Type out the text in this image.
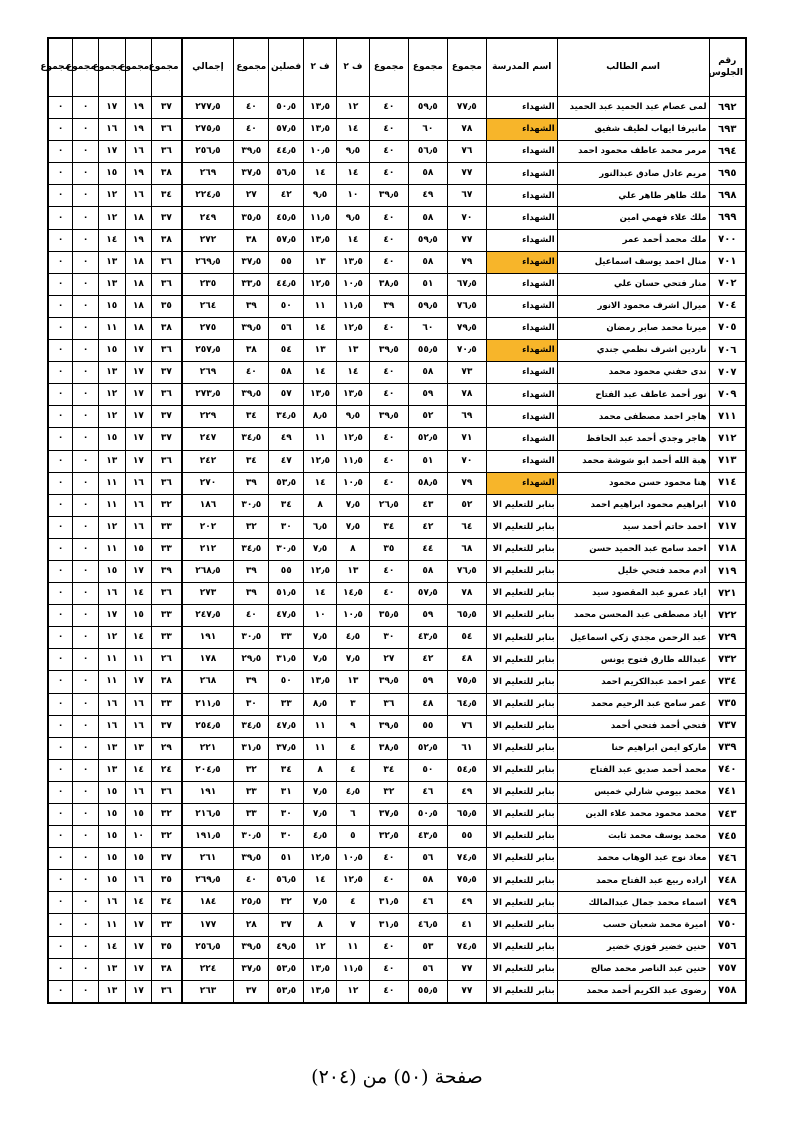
رقم الجلوس	اسم الطالب	اسم المدرسة	مجموع	مجموع	مجموع	ف ٢	ف ٢	فصلين	مجموع	إجمالي	مجموع	مجموع	مجموع	مجموع	مجموع
٦٩٢	لمى عصام عبد الحميد عبد الحميد	الشهداء	٧٧٫٥	٥٩٫٥	٤٠	١٢	١٣٫٥	٥٠٫٥	٤٠	٢٧٧٫٥	٣٧	١٩	١٧	٠	٠
٦٩٣	مانيرفا ايهاب لطيف شفيق	الشهداء	٧٨	٦٠	٤٠	١٤	١٣٫٥	٥٧٫٥	٤٠	٢٧٥٫٥	٣٦	١٩	١٦	٠	٠
٦٩٤	مرمر محمد عاطف محمود احمد	الشهداء	٧٦	٥٦٫٥	٤٠	٩٫٥	١٠٫٥	٤٤٫٥	٣٩٫٥	٢٥٦٫٥	٣٦	١٦	١٧	٠	٠
٦٩٥	مريم عادل صادق عبدالنور	الشهداء	٧٧	٥٨	٤٠	١٤	١٤	٥٦٫٥	٣٧٫٥	٢٦٩	٣٨	١٩	١٥	٠	٠
٦٩٨	ملك طاهر طاهر علي	الشهداء	٦٧	٤٩	٣٩٫٥	١٠	٩٫٥	٤٢	٢٧	٢٢٤٫٥	٣٤	١٦	١٢	٠	٠
٦٩٩	ملك علاء فهمي امين	الشهداء	٧٠	٥٨	٤٠	٩٫٥	١١٫٥	٤٥٫٥	٣٥٫٥	٢٤٩	٣٧	١٨	١٢	٠	٠
٧٠٠	ملك محمد أحمد عمر	الشهداء	٧٧	٥٩٫٥	٤٠	١٤	١٣٫٥	٥٧٫٥	٣٨	٢٧٢	٣٨	١٩	١٤	٠	٠
٧٠١	منال احمد يوسف اسماعيل	الشهداء	٧٩	٥٨	٤٠	١٣٫٥	١٣	٥٥	٣٧٫٥	٢٦٩٫٥	٣٦	١٨	١٣	٠	٠
٧٠٢	منار فتحي حسان علي	الشهداء	٦٧٫٥	٥١	٣٨٫٥	١٠٫٥	١٢٫٥	٤٤٫٥	٣٣٫٥	٢٣٥	٣٦	١٨	١٣	٠	٠
٧٠٤	ميرال اشرف محمود الانور	الشهداء	٧٦٫٥	٥٩٫٥	٣٩	١١٫٥	١١	٥٠	٣٩	٢٦٤	٣٥	١٨	١٥	٠	٠
٧٠٥	ميرنا محمد صابر رمضان	الشهداء	٧٩٫٥	٦٠	٤٠	١٢٫٥	١٤	٥٦	٣٩٫٥	٢٧٥	٣٨	١٨	١١	٠	٠
٧٠٦	ناردين اشرف نظمي جندي	الشهداء	٧٠٫٥	٥٥٫٥	٣٩٫٥	١٣	١٣	٥٤	٣٨	٢٥٧٫٥	٣٦	١٧	١٥	٠	٠
٧٠٧	ندى حفني محمود محمد	الشهداء	٧٣	٥٨	٤٠	١٤	١٤	٥٨	٤٠	٢٦٩	٣٧	١٧	١٣	٠	٠
٧٠٩	نور أحمد عاطف عبد الفتاح	الشهداء	٧٨	٥٩	٤٠	١٣٫٥	١٣٫٥	٥٧	٣٩٫٥	٢٧٣٫٥	٣٦	١٧	١٢	٠	٠
٧١١	هاجر احمد مصطفى محمد	الشهداء	٦٩	٥٢	٣٩٫٥	٩٫٥	٨٫٥	٣٤٫٥	٣٤	٢٢٩	٣٧	١٧	١٢	٠	٠
٧١٢	هاجر وجدي أحمد عبد الحافظ	الشهداء	٧١	٥٢٫٥	٤٠	١٢٫٥	١١	٤٩	٣٤٫٥	٢٤٧	٣٧	١٧	١٥	٠	٠
٧١٣	هبة الله أحمد ابو شوشة محمد	الشهداء	٧٠	٥١	٤٠	١١٫٥	١٢٫٥	٤٧	٣٤	٢٤٢	٣٦	١٧	١٣	٠	٠
٧١٤	هنا محمود حسن محمود	الشهداء	٧٩	٥٨٫٥	٤٠	١٠٫٥	١٤	٥٣٫٥	٣٩	٢٧٠	٣٦	١٦	١١	٠	٠
٧١٥	ابراهيم محمود ابراهيم احمد	بنابر للتعليم الا	٥٢	٤٣	٢٦٫٥	٧٫٥	٨	٣٤	٣٠٫٥	١٨٦	٣٢	١٦	١١	٠	٠
٧١٧	احمد حاتم أحمد سيد	بنابر للتعليم الا	٦٤	٤٢	٣٤	٧٫٥	٦٫٥	٣٠	٣٢	٢٠٢	٣٣	١٦	١٢	٠	٠
٧١٨	احمد سامح عبد الحميد حسن	بنابر للتعليم الا	٦٨	٤٤	٣٥	٨	٧٫٥	٣٠٫٥	٣٤٫٥	٢١٢	٣٣	١٥	١١	٠	٠
٧١٩	ادم محمد فتحي خليل	بنابر للتعليم الا	٧٦٫٥	٥٨	٤٠	١٣	١٢٫٥	٥٥	٣٩	٢٦٨٫٥	٣٩	١٧	١٥	٠	٠
٧٢١	اياد عمرو عبد المقصود سيد	بنابر للتعليم الا	٧٨	٥٧٫٥	٤٠	١٤٫٥	١٤	٥١٫٥	٣٩	٢٧٣	٣٦	١٤	١٦	٠	٠
٧٢٢	اياد مصطفى عبد المحسن محمد	بنابر للتعليم الا	٦٥٫٥	٥٩	٣٥٫٥	١٠٫٥	١٠	٤٧٫٥	٤٠	٢٤٧٫٥	٣٣	١٥	١٧	٠	٠
٧٢٩	عبد الرحمن مجدي زكي اسماعيل	بنابر للتعليم الا	٥٤	٤٣٫٥	٣٠	٤٫٥	٧٫٥	٣٣	٣٠٫٥	١٩١	٣٣	١٤	١٢	٠	٠
٧٣٢	عبدالله طارق فتوح يونس	بنابر للتعليم الا	٤٨	٤٢	٢٧	٧٫٥	٧٫٥	٣١٫٥	٢٩٫٥	١٧٨	٢٦	١١	١١	٠	٠
٧٣٤	عمر احمد عبدالكريم احمد	بنابر للتعليم الا	٧٥٫٥	٥٩	٣٩٫٥	١٣	١٣٫٥	٥٠	٣٩	٢٦٨	٣٨	١٧	١١	٠	٠
٧٣٥	عمر سامح عبد الرحيم محمد	بنابر للتعليم الا	٦٤٫٥	٤٨	٣٦	٣	٨٫٥	٣٣	٣٠	٢١١٫٥	٣٣	١٦	١٦	٠	٠
٧٣٧	فتحي أحمد فتحي أحمد	بنابر للتعليم الا	٧٦	٥٥	٣٩٫٥	٩	١١	٤٧٫٥	٣٤٫٥	٢٥٤٫٥	٣٧	١٦	١٦	٠	٠
٧٣٩	ماركو ايمن ابراهيم حنا	بنابر للتعليم الا	٦١	٥٢٫٥	٣٨٫٥	٤	١١	٣٧٫٥	٣١٫٥	٢٢١	٢٩	١٣	١٣	٠	٠
٧٤٠	محمد أحمد صديق عبد الفتاح	بنابر للتعليم الا	٥٤٫٥	٥٠	٣٤	٤	٨	٣٤	٣٢	٢٠٤٫٥	٢٤	١٤	١٣	٠	٠
٧٤١	محمد بيومي شارلي خميس	بنابر للتعليم الا	٤٩	٤٦	٣٢	٤٫٥	٧٫٥	٣١	٣٣	١٩١	٣٦	١٦	١٥	٠	٠
٧٤٣	محمد محمود محمد علاء الدين	بنابر للتعليم الا	٦٥٫٥	٥٠٫٥	٣٧٫٥	٦	٧٫٥	٣٠	٣٣	٢١٦٫٥	٣٢	١٥	١٥	٠	٠
٧٤٥	محمد يوسف محمد ثابت	بنابر للتعليم الا	٥٥	٤٣٫٥	٣٢٫٥	٥	٤٫٥	٣٠	٣٠٫٥	١٩١٫٥	٣٢	١٠	١٥	٠	٠
٧٤٦	معاذ نوح عبد الوهاب محمد	بنابر للتعليم الا	٧٤٫٥	٥٦	٤٠	١٠٫٥	١٢٫٥	٥١	٣٩٫٥	٢٦١	٣٧	١٥	١٥	٠	٠
٧٤٨	اراده ربيع عبد الفتاح محمد	بنابر للتعليم الا	٧٥٫٥	٥٨	٤٠	١٢٫٥	١٤	٥٦٫٥	٤٠	٢٦٩٫٥	٣٥	١٦	١٥	٠	٠
٧٤٩	اسماء محمد جمال عبدالمالك	بنابر للتعليم الا	٤٩	٤٦	٣١٫٥	٤	٧٫٥	٣٢	٢٥٫٥	١٨٤	٣٤	١٤	١٦	٠	٠
٧٥٠	اميرة محمد شعبان حسب	بنابر للتعليم الا	٤١	٤٦٫٥	٣١٫٥	٧	٨	٣٧	٢٨	١٧٧	٣٣	١٧	١١	٠	٠
٧٥٦	حنين خضير فوزي خضير	بنابر للتعليم الا	٧٤٫٥	٥٣	٤٠	١١	١٢	٤٩٫٥	٣٩٫٥	٢٥٦٫٥	٣٥	١٧	١٤	٠	٠
٧٥٧	حنين عبد الناصر محمد صالح	بنابر للتعليم الا	٧٧	٥٦	٤٠	١١٫٥	١٣٫٥	٥٣٫٥	٣٧٫٥	٢٢٤	٣٨	١٧	١٣	٠	٠
٧٥٨	رضوى عبد الكريم أحمد محمد	بنابر للتعليم الا	٧٧	٥٥٫٥	٤٠	١٢	١٣٫٥	٥٣٫٥	٣٧	٢٦٣	٣٦	١٧	١٣	٠	٠
صفحة (٥٠) من (٢٠٤)
